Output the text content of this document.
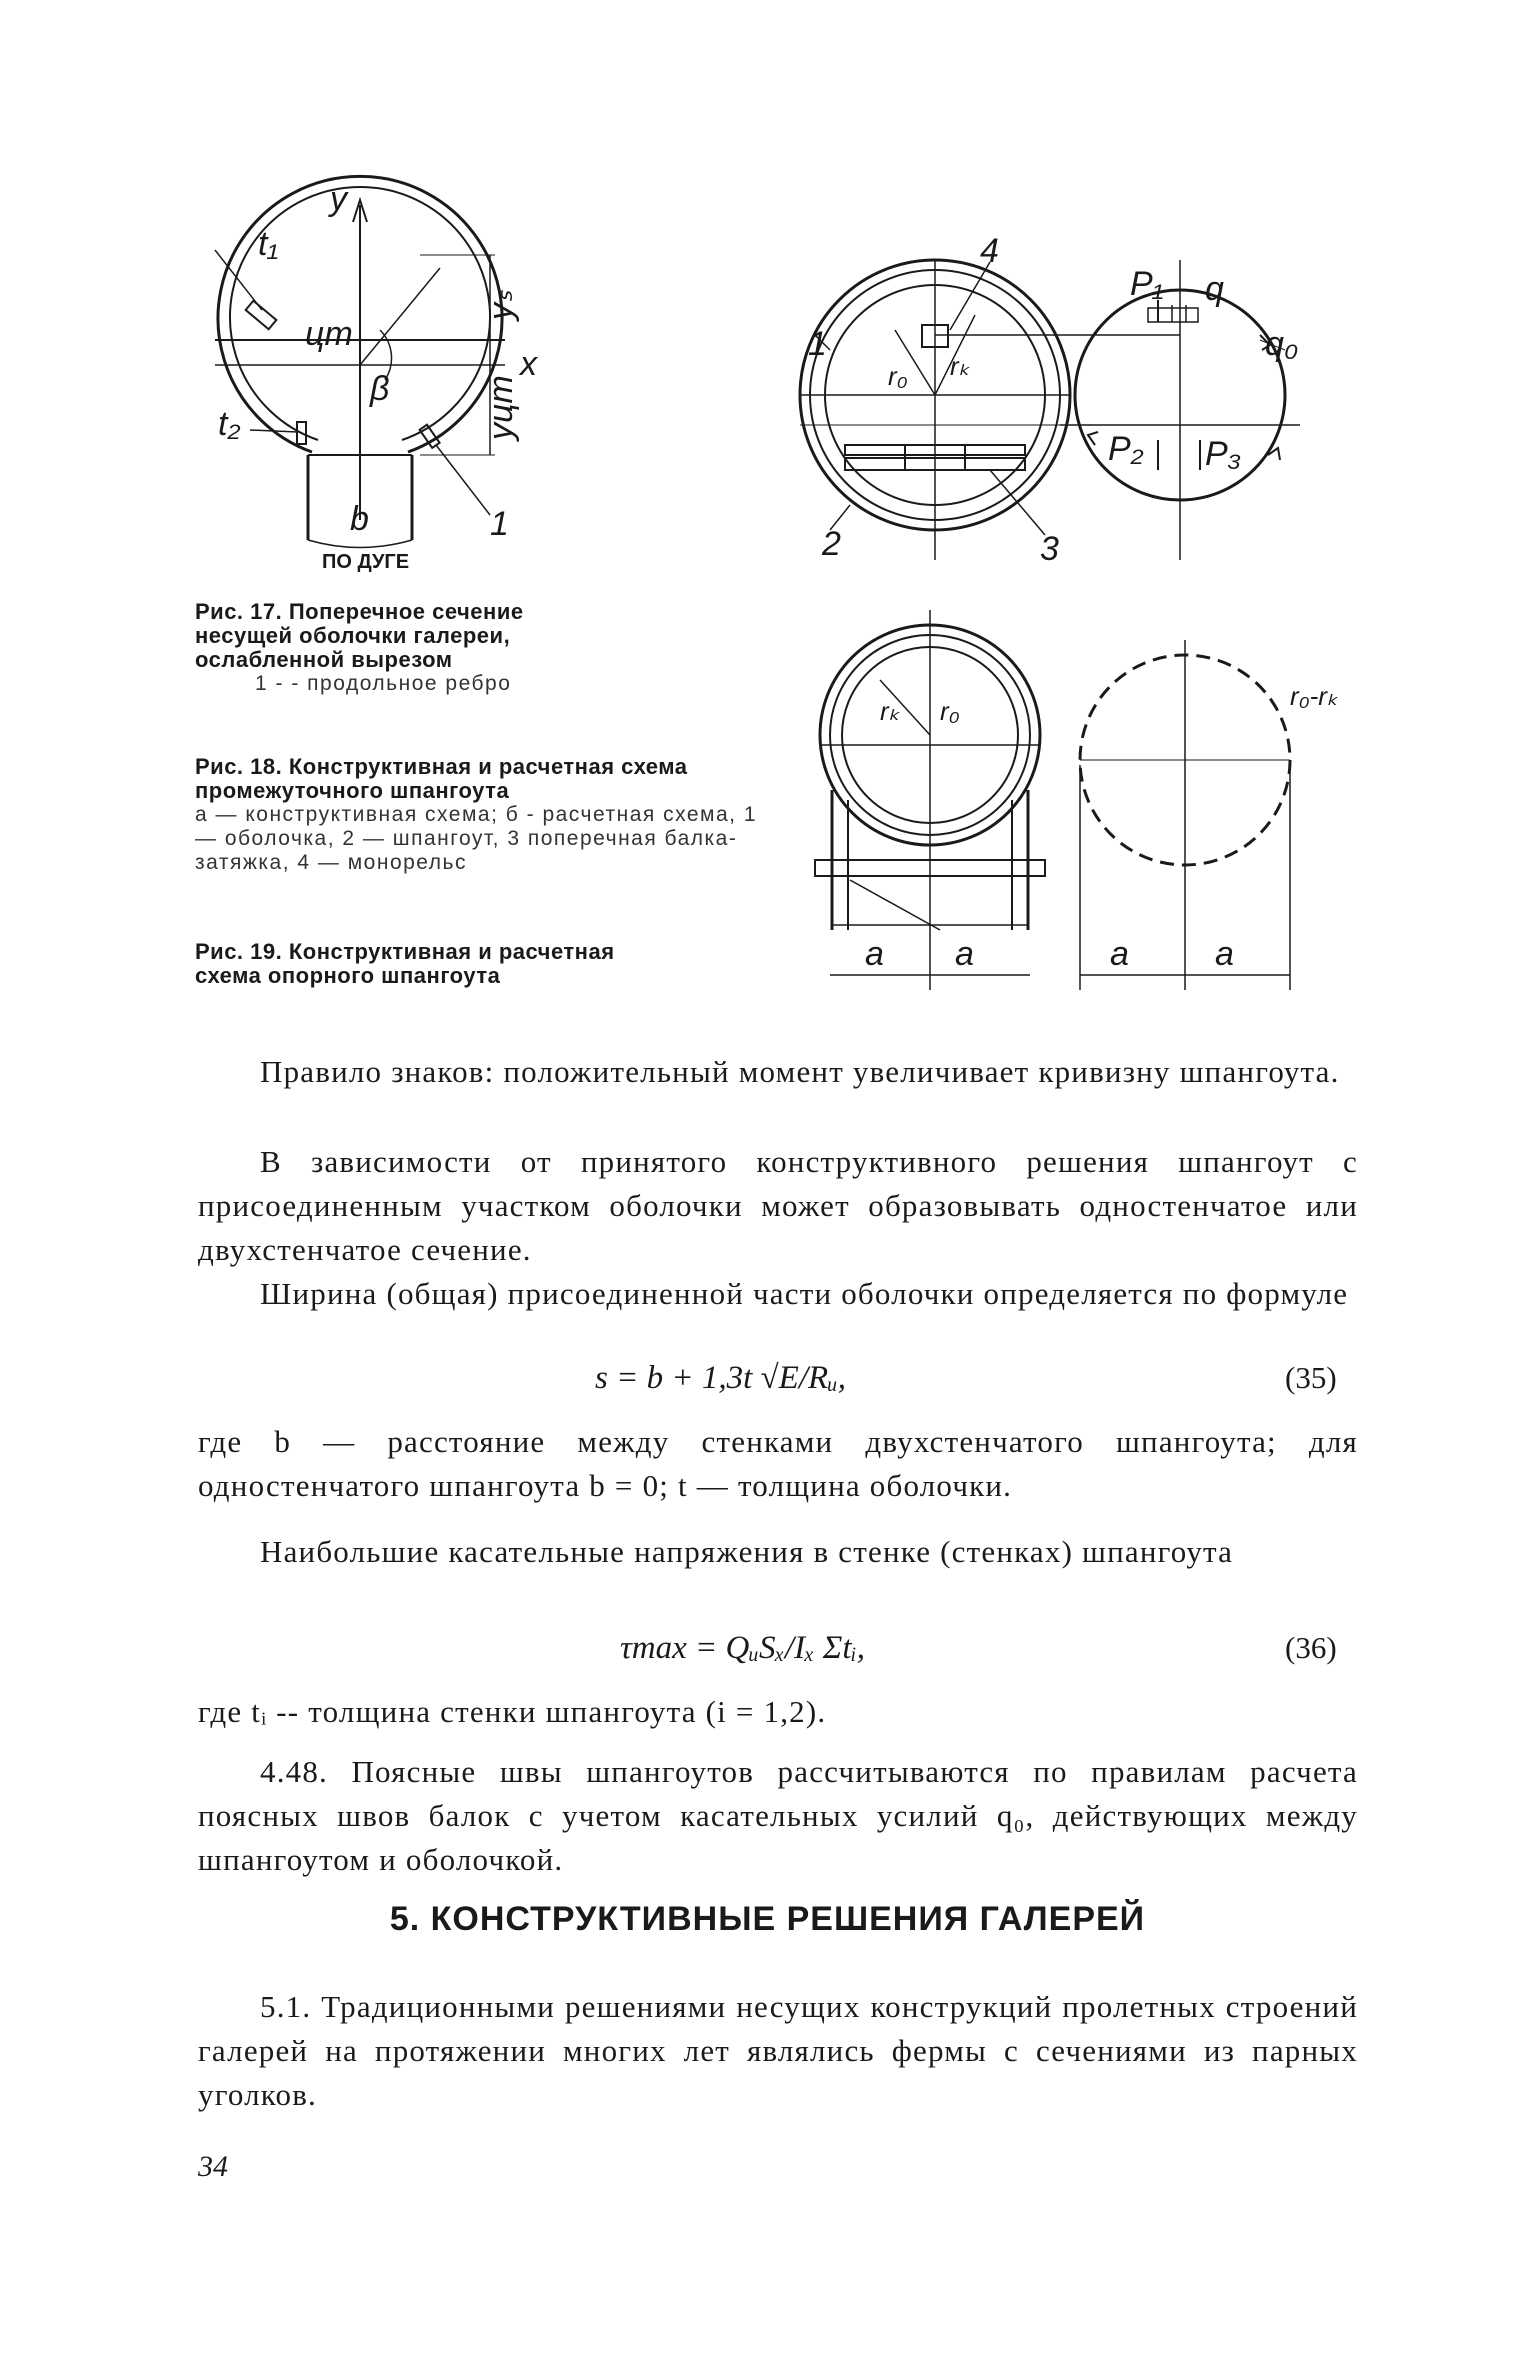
y
x
t₁
t₂
цт
β
yₛ
yцт
b	1
ПО ДУГЕ
1
2	3
4
r₀ rₖ
P₁ q
q₀
P₂ P₃
rₖ r₀
a a	a	a
r₀-rₖ
Рис. 17. Поперечное сечение несущей оболочки галереи, ослабленной вырезом
1 - - продольное ребро
Рис. 18. Конструктивная и расчетная схема промежуточного шпангоута
а — конструктивная схема; б - расчетная схема, 1 — оболочка, 2 — шпангоут, 3 поперечная балка-затяжка, 4 — монорельс
Рис. 19. Конструктивная и расчетная схема опорного шпангоута
Правило знаков: положительный момент увеличивает кривизну шпангоута.
В зависимости от принятого конструктивного решения шпангоут с присоединенным участком оболочки может образовывать одностенчатое или двухстенчатое сечение.
Ширина (общая) присоединенной части оболочки определяется по формуле
s = b + 1,3t √E/Rᵤ,	(35)
где b — расстояние между стенками двухстенчатого шпангоута; для одностенчатого шпангоута b = 0; t — толщина оболочки.
Наибольшие касательные напряжения в стенке (стенках) шпангоута
τmax = QᵤSₓ/Iₓ Σtᵢ,	(36)
где tᵢ -- толщина стенки шпангоута (i = 1,2).
4.48. Поясные швы шпангоутов рассчитываются по правилам расчета поясных швов балок с учетом касательных усилий q₀, действующих между шпангоутом и оболочкой.
5. КОНСТРУКТИВНЫЕ РЕШЕНИЯ ГАЛЕРЕЙ
5.1. Традиционными решениями несущих конструкций пролетных строений галерей на протяжении многих лет являлись фермы с сечениями из парных уголков.
34
